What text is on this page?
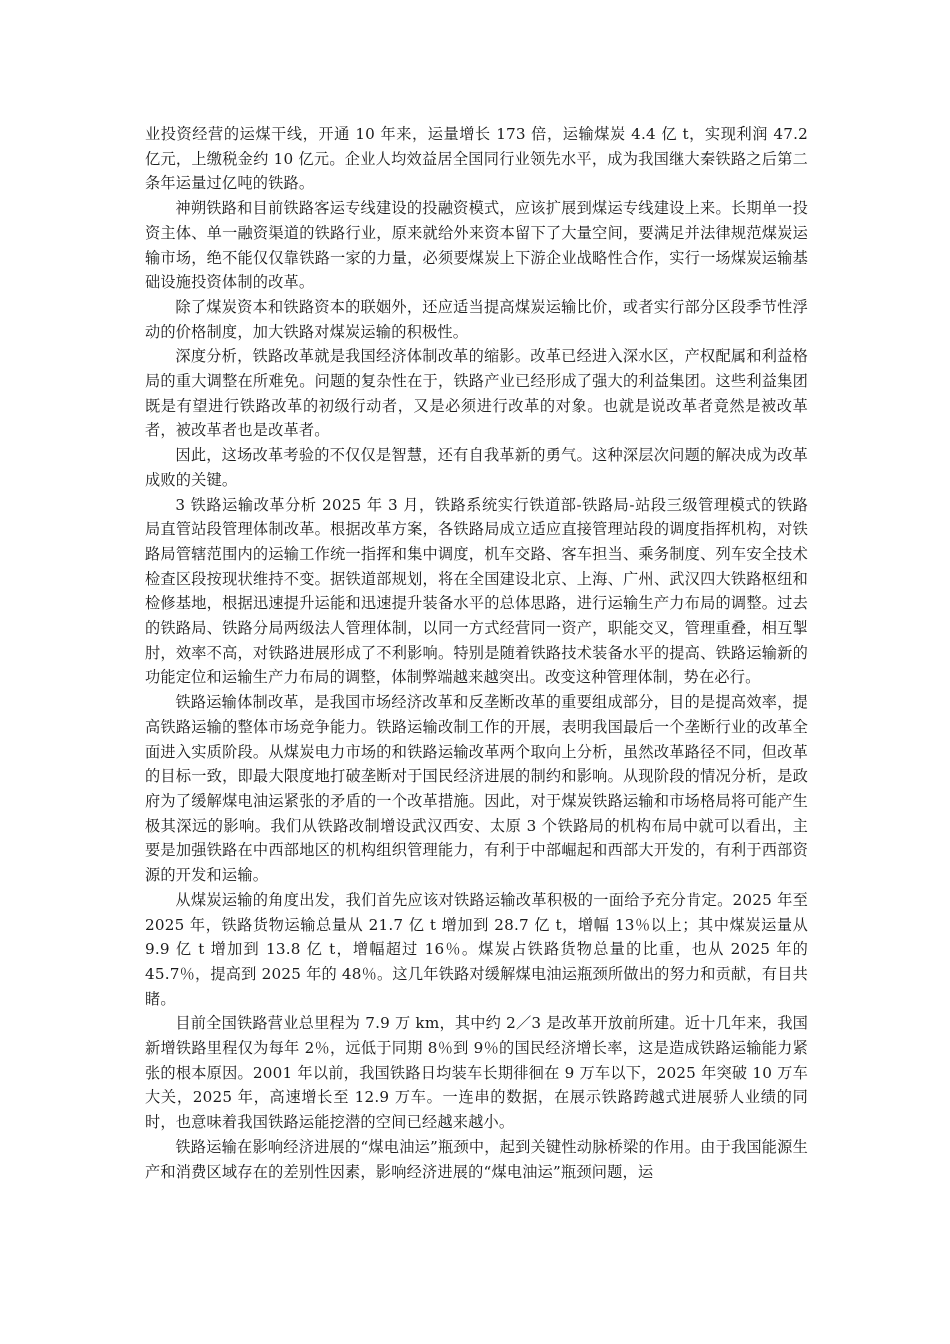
业投资经营的运煤干线，开通 10 年来，运量增长 173 倍，运输煤炭 4.4 亿 t，实现利润 47.2 亿元，上缴税金约 10 亿元。企业人均效益居全国同行业领先水平，成为我国继大秦铁路之后第二条年运量过亿吨的铁路。

神朔铁路和目前铁路客运专线建设的投融资模式，应该扩展到煤运专线建设上来。长期单一投资主体、单一融资渠道的铁路行业，原来就给外来资本留下了大量空间，要满足并法律规范煤炭运输市场，绝不能仅仅靠铁路一家的力量，必须要煤炭上下游企业战略性合作，实行一场煤炭运输基础设施投资体制的改革。

除了煤炭资本和铁路资本的联姻外，还应适当提高煤炭运输比价，或者实行部分区段季节性浮动的价格制度，加大铁路对煤炭运输的积极性。

深度分析，铁路改革就是我国经济体制改革的缩影。改革已经进入深水区，产权配属和利益格局的重大调整在所难免。问题的复杂性在于，铁路产业已经形成了强大的利益集团。这些利益集团既是有望进行铁路改革的初级行动者，又是必须进行改革的对象。也就是说改革者竟然是被改革者，被改革者也是改革者。

因此，这场改革考验的不仅仅是智慧，还有自我革新的勇气。这种深层次问题的解决成为改革成败的关键。

3 铁路运输改革分析 2025 年 3 月，铁路系统实行铁道部-铁路局-站段三级管理模式的铁路局直管站段管理体制改革。根据改革方案，各铁路局成立适应直接管理站段的调度指挥机构，对铁路局管辖范围内的运输工作统一指挥和集中调度，机车交路、客车担当、乘务制度、列车安全技术检查区段按现状维持不变。据铁道部规划，将在全国建设北京、上海、广州、武汉四大铁路枢纽和检修基地，根据迅速提升运能和迅速提升装备水平的总体思路，进行运输生产力布局的调整。过去的铁路局、铁路分局两级法人管理体制，以同一方式经营同一资产，职能交叉，管理重叠，相互掣肘，效率不高，对铁路进展形成了不利影响。特别是随着铁路技术装备水平的提高、铁路运输新的功能定位和运输生产力布局的调整，体制弊端越来越突出。改变这种管理体制，势在必行。

铁路运输体制改革，是我国市场经济改革和反垄断改革的重要组成部分，目的是提高效率，提高铁路运输的整体市场竞争能力。铁路运输改制工作的开展，表明我国最后一个垄断行业的改革全面进入实质阶段。从煤炭电力市场的和铁路运输改革两个取向上分析，虽然改革路径不同，但改革的目标一致，即最大限度地打破垄断对于国民经济进展的制约和影响。从现阶段的情况分析，是政府为了缓解煤电油运紧张的矛盾的一个改革措施。因此，对于煤炭铁路运输和市场格局将可能产生极其深远的影响。我们从铁路改制增设武汉西安、太原 3 个铁路局的机构布局中就可以看出，主要是加强铁路在中西部地区的机构组织管理能力，有利于中部崛起和西部大开发的，有利于西部资源的开发和运输。

从煤炭运输的角度出发，我们首先应该对铁路运输改革积极的一面给予充分肯定。2025 年至 2025 年，铁路货物运输总量从 21.7 亿 t 增加到 28.7 亿 t，增幅 13％以上；其中煤炭运量从 9.9 亿 t 增加到 13.8 亿 t，增幅超过 16％。煤炭占铁路货物总量的比重，也从 2025 年的 45.7％，提高到 2025 年的 48％。这几年铁路对缓解煤电油运瓶颈所做出的努力和贡献，有目共睹。

目前全国铁路营业总里程为 7.9 万 km，其中约 2／3 是改革开放前所建。近十几年来，我国新增铁路里程仅为每年 2％，远低于同期 8％到 9％的国民经济增长率，这是造成铁路运输能力紧张的根本原因。2001 年以前，我国铁路日均装车长期徘徊在 9 万车以下，2025 年突破 10 万车大关，2025 年，高速增长至 12.9 万车。一连串的数据，在展示铁路跨越式进展骄人业绩的同时，也意味着我国铁路运能挖潜的空间已经越来越小。

铁路运输在影响经济进展的“煤电油运”瓶颈中，起到关键性动脉桥梁的作用。由于我国能源生产和消费区域存在的差别性因素，影响经济进展的“煤电油运”瓶颈问题，运
